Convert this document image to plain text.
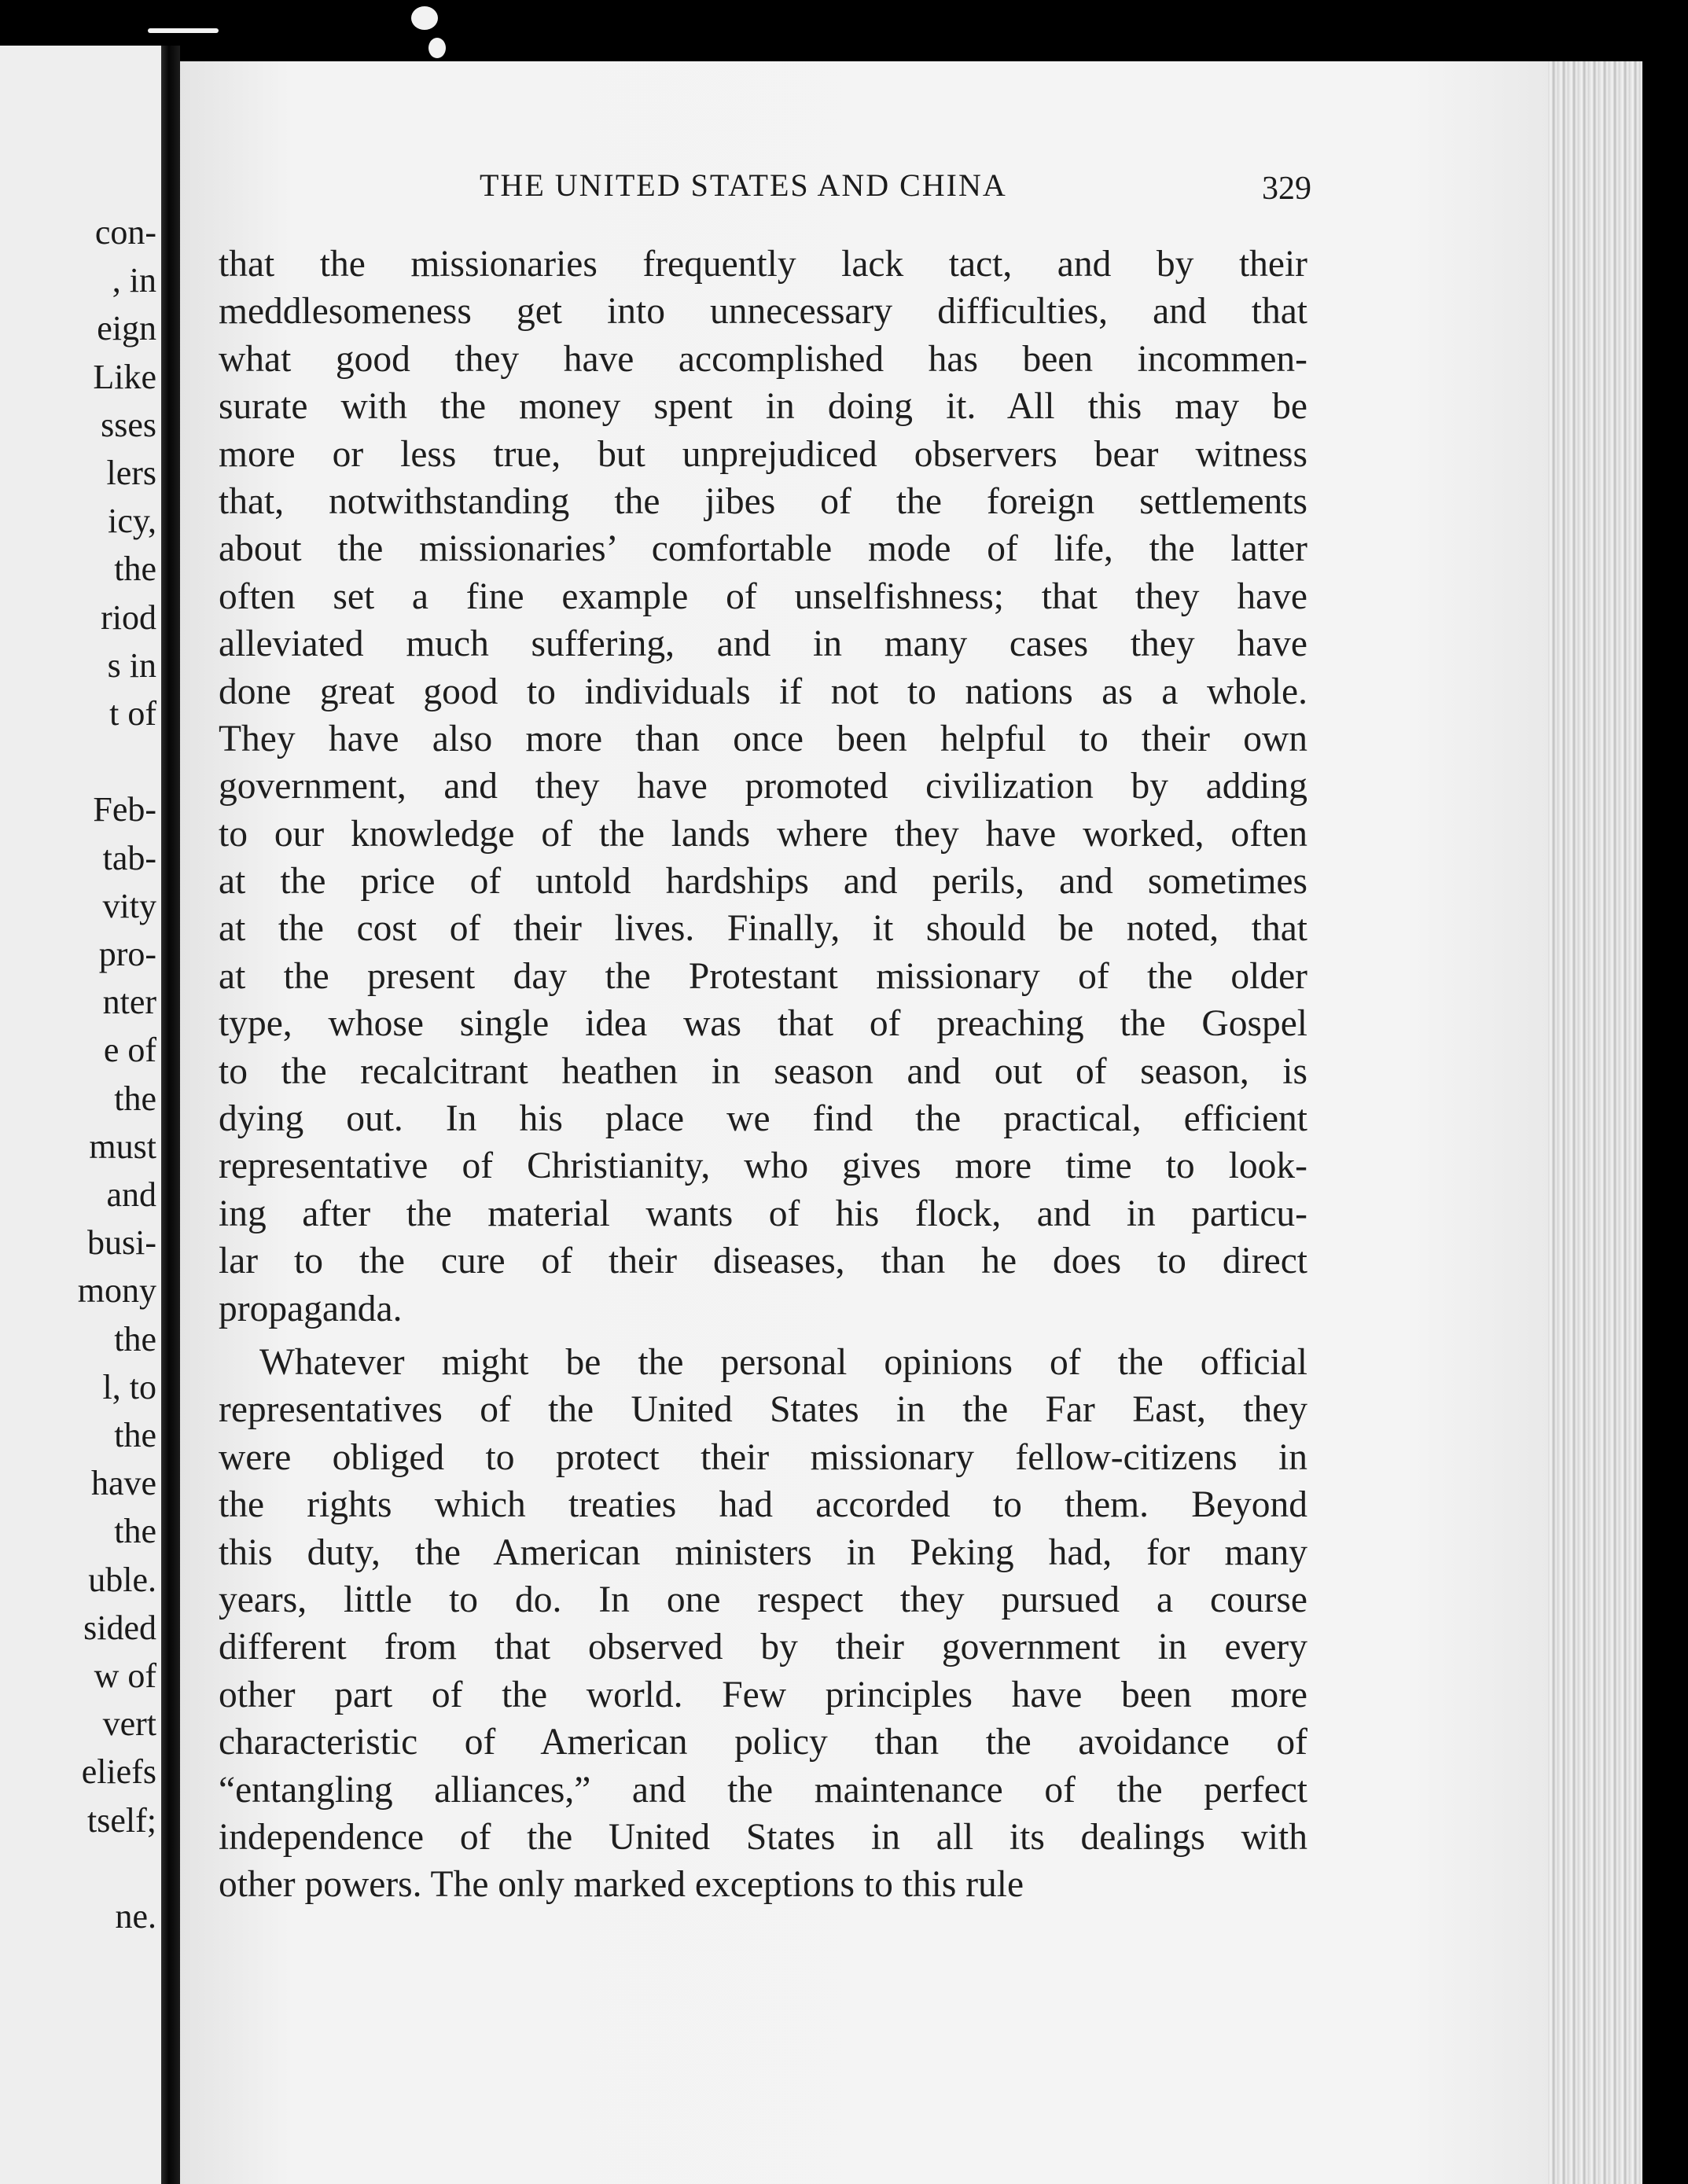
con-
, in
eign
Like
sses
lers
icy,
the
riod
s in
t of
Feb-
tab-
vity
pro-
nter
e of
the
must
and
busi-
mony
the
l, to
the
have
the
uble.
sided
w of
vert
eliefs
tself;
ne.
THE UNITED STATES AND CHINA	329
that the missionaries frequently lack tact, and by their
meddlesomeness get into unnecessary difficulties, and that
what good they have accomplished has been incommen-
surate with the money spent in doing it. All this may be
more or less true, but unprejudiced observers bear witness
that, notwithstanding the jibes of the foreign settlements
about the missionaries’ comfortable mode of life, the latter
often set a fine example of unselfishness; that they have
alleviated much suffering, and in many cases they have
done great good to individuals if not to nations as a whole.
They have also more than once been helpful to their own
government, and they have promoted civilization by adding
to our knowledge of the lands where they have worked, often
at the price of untold hardships and perils, and sometimes
at the cost of their lives. Finally, it should be noted, that
at the present day the Protestant missionary of the older
type, whose single idea was that of preaching the Gospel
to the recalcitrant heathen in season and out of season, is
dying out. In his place we find the practical, efficient
representative of Christianity, who gives more time to look-
ing after the material wants of his flock, and in particu-
lar to the cure of their diseases, than he does to direct
propaganda.
Whatever might be the personal opinions of the official
representatives of the United States in the Far East, they
were obliged to protect their missionary fellow-citizens in
the rights which treaties had accorded to them. Beyond
this duty, the American ministers in Peking had, for many
years, little to do. In one respect they pursued a course
different from that observed by their government in every
other part of the world. Few principles have been more
characteristic of American policy than the avoidance of
“entangling alliances,” and the maintenance of the perfect
independence of the United States in all its dealings with
other powers. The only marked exceptions to this rule
